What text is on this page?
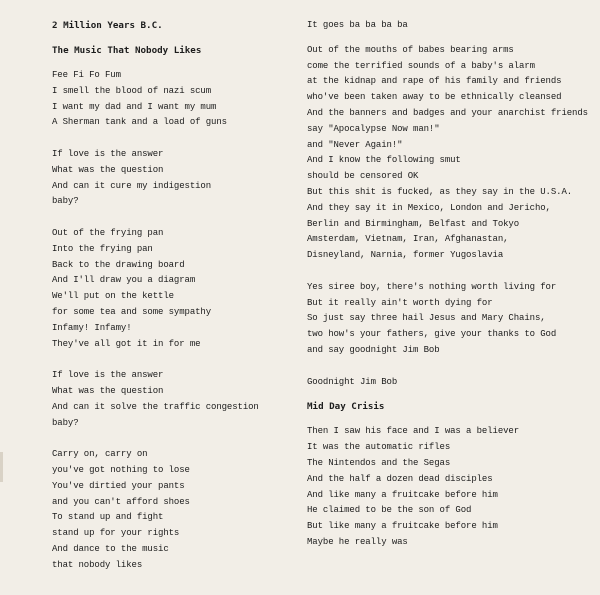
2 Million Years B.C.
The Music That Nobody Likes
Fee Fi Fo Fum
I smell the blood of nazi scum
I want my dad and I want my mum
A Sherman tank and a load of guns
If love is the answer
What was the question
And can it cure my indigestion
baby?
Out of the frying pan
Into the frying pan
Back to the drawing board
And I'll draw you a diagram
We'll put on the kettle
for some tea and some sympathy
Infamy! Infamy!
They've all got it in for me
If love is the answer
What was the question
And can it solve the traffic congestion
baby?
Carry on, carry on
you've got nothing to lose
You've dirtied your pants
and you can't afford shoes
To stand up and fight
stand up for your rights
And dance to the music
that nobody likes
It goes ba ba ba ba
Out of the mouths of babes bearing arms
come the terrified sounds of a baby's alarm
at the kidnap and rape of his family and friends
who've been taken away to be ethnically cleansed
And the banners and badges and your anarchist friends
say "Apocalypse Now man!"
and "Never Again!"
And I know the following smut
should be censored OK
But this shit is fucked, as they say in the U.S.A.
And they say it in Mexico, London and Jericho,
Berlin and Birmingham, Belfast and Tokyo
Amsterdam, Vietnam, Iran, Afghanastan,
Disneyland, Narnia, former Yugoslavia
Yes siree boy, there's nothing worth living for
But it really ain't worth dying for
So just say three hail Jesus and Mary Chains,
two how's your fathers, give your thanks to God
and say goodnight Jim Bob
Goodnight Jim Bob
Mid Day Crisis
Then I saw his face and I was a believer
It was the automatic rifles
The Nintendos and the Segas
And the half a dozen dead disciples
And like many a fruitcake before him
He claimed to be the son of God
But like many a fruitcake before him
Maybe he really was
